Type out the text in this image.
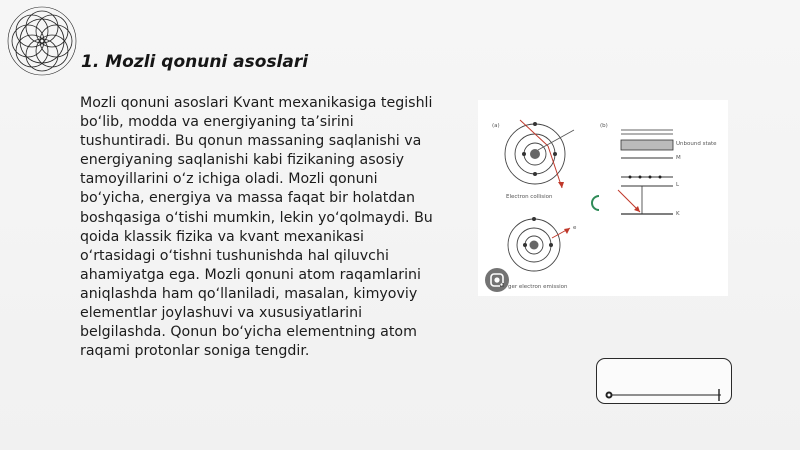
1. Mozli qonuni asoslari

Mozli qonuni asoslari Kvant mexanikasiga tegishli bo‘lib, modda va energiyaning ta’sirini tushuntiradi. Bu qonun massaning saqlanishi va energiyaning saqlanishi kabi fizikaning asosiy tamoyillarini o‘z ichiga oladi. Mozli qonuni bo‘yicha, energiya va massa faqat bir holatdan boshqasiga o‘tishi mumkin, lekin yo‘qolmaydi. Bu qoida klassik fizika va kvant mexanikasi o‘rtasidagi o‘tishni tushunishda hal qiluvchi ahamiyatga ega. Mozli qonuni atom raqamlarini aniqlashda ham qo‘llaniladi, masalan, kimyoviy elementlar joylashuvi va xususiyatlarini belgilashda. Qonun bo‘yicha elementning atom raqami protonlar soniga tengdir.

(a)	(b)
Electron collision
Unbound state
M
L
K
e
ger electron emission
